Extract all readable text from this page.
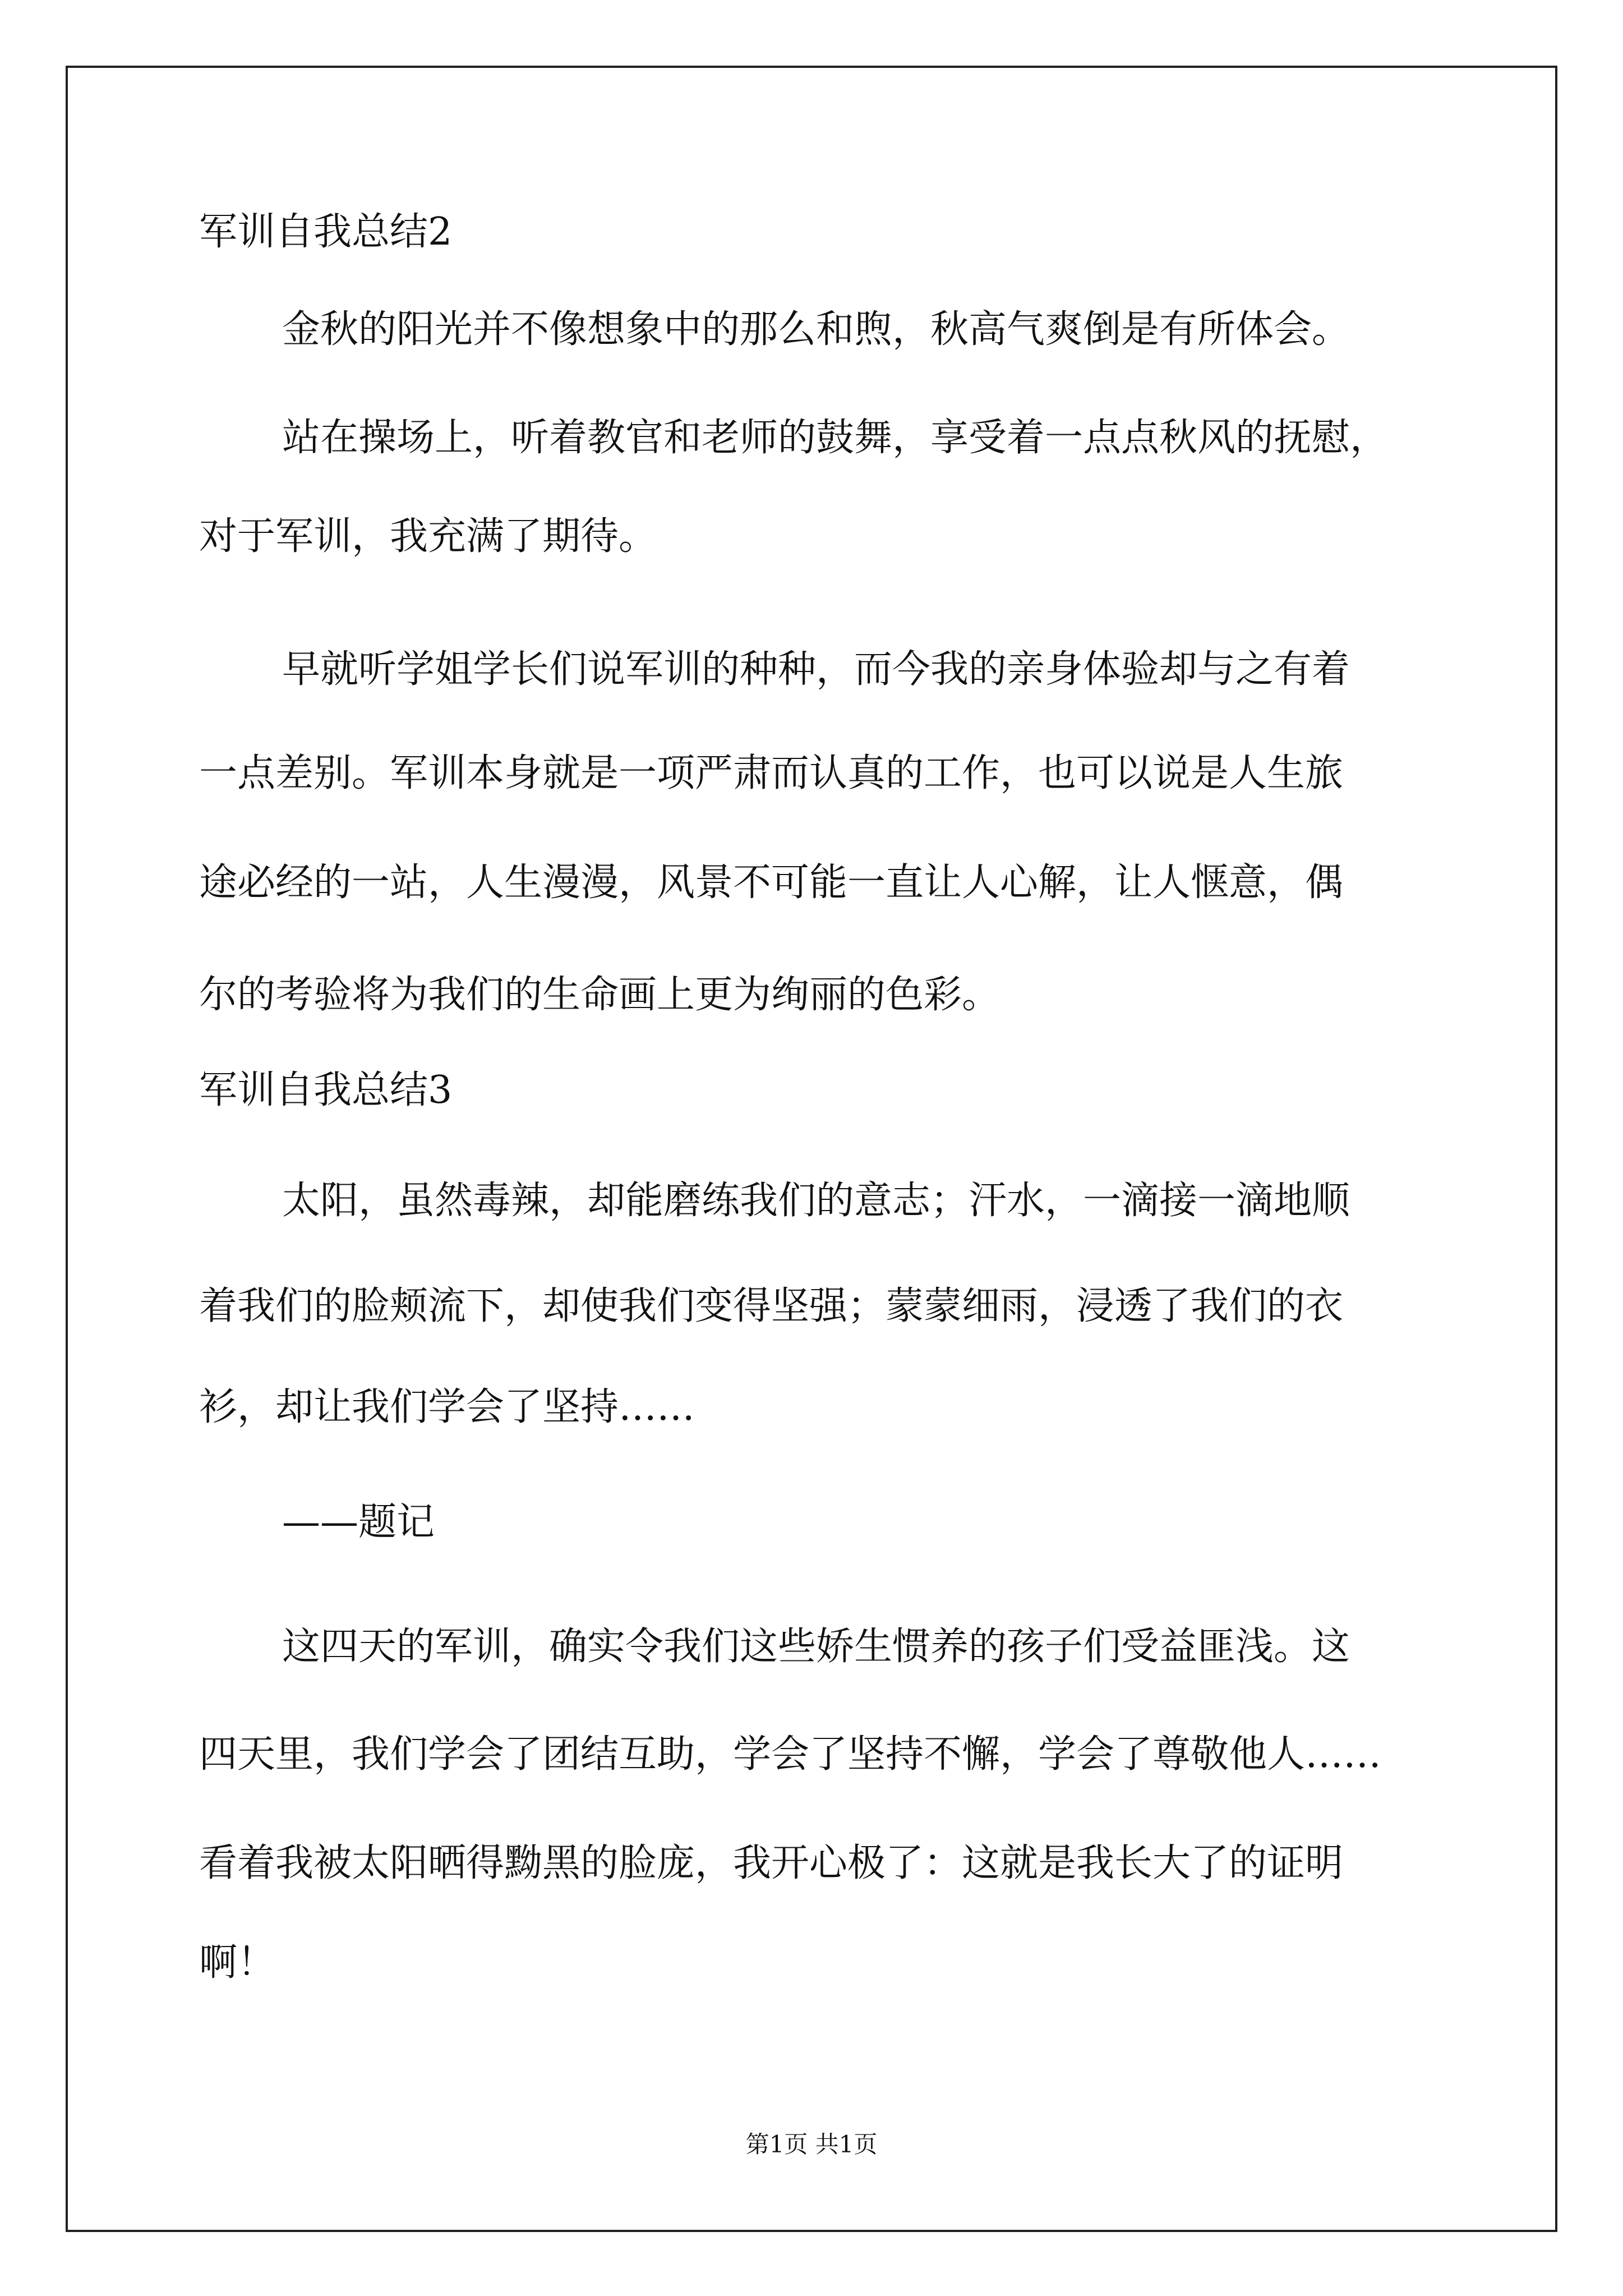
军训自我总结2
金秋的阳光并不像想象中的那么和煦，秋高气爽倒是有所体会。
站在操场上，听着教官和老师的鼓舞，享受着一点点秋风的抚慰，
对于军训，我充满了期待。
早就听学姐学长们说军训的种种，而今我的亲身体验却与之有着
一点差别。军训本身就是一项严肃而认真的工作，也可以说是人生旅
途必经的一站，人生漫漫，风景不可能一直让人心解，让人惬意，偶
尔的考验将为我们的生命画上更为绚丽的色彩。
军训自我总结3
太阳，虽然毒辣，却能磨练我们的意志；汗水，一滴接一滴地顺
着我们的脸颊流下，却使我们变得坚强；蒙蒙细雨，浸透了我们的衣
衫，却让我们学会了坚持……
——题记
这四天的军训，确实令我们这些娇生惯养的孩子们受益匪浅。这
四天里，我们学会了团结互助，学会了坚持不懈，学会了尊敬他人……
看着我被太阳晒得黝黑的脸庞，我开心极了：这就是我长大了的证明
啊！
第1页 共1页
